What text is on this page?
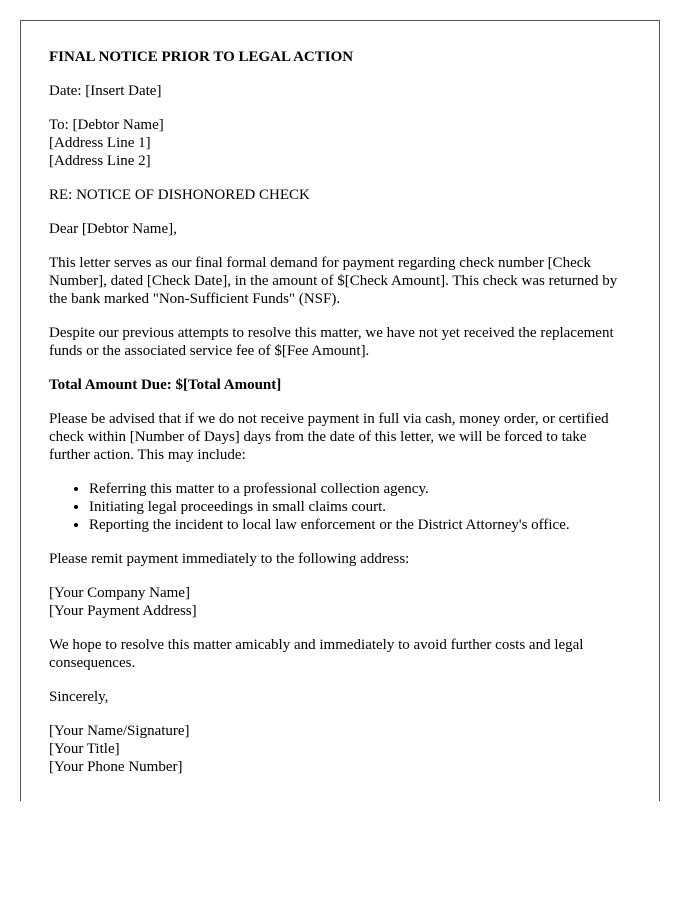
FINAL NOTICE PRIOR TO LEGAL ACTION

Date: [Insert Date]

To: [Debtor Name]
[Address Line 1]
[Address Line 2]

RE: NOTICE OF DISHONORED CHECK

Dear [Debtor Name],

This letter serves as our final formal demand for payment regarding check number [Check Number], dated [Check Date], in the amount of $[Check Amount]. This check was returned by the bank marked "Non-Sufficient Funds" (NSF).

Despite our previous attempts to resolve this matter, we have not yet received the replacement funds or the associated service fee of $[Fee Amount].

Total Amount Due: $[Total Amount]

Please be advised that if we do not receive payment in full via cash, money order, or certified check within [Number of Days] days from the date of this letter, we will be forced to take further action. This may include:

• Referring this matter to a professional collection agency.
• Initiating legal proceedings in small claims court.
• Reporting the incident to local law enforcement or the District Attorney's office.

Please remit payment immediately to the following address:

[Your Company Name]
[Your Payment Address]

We hope to resolve this matter amicably and immediately to avoid further costs and legal consequences.

Sincerely,

[Your Name/Signature]
[Your Title]
[Your Phone Number]
